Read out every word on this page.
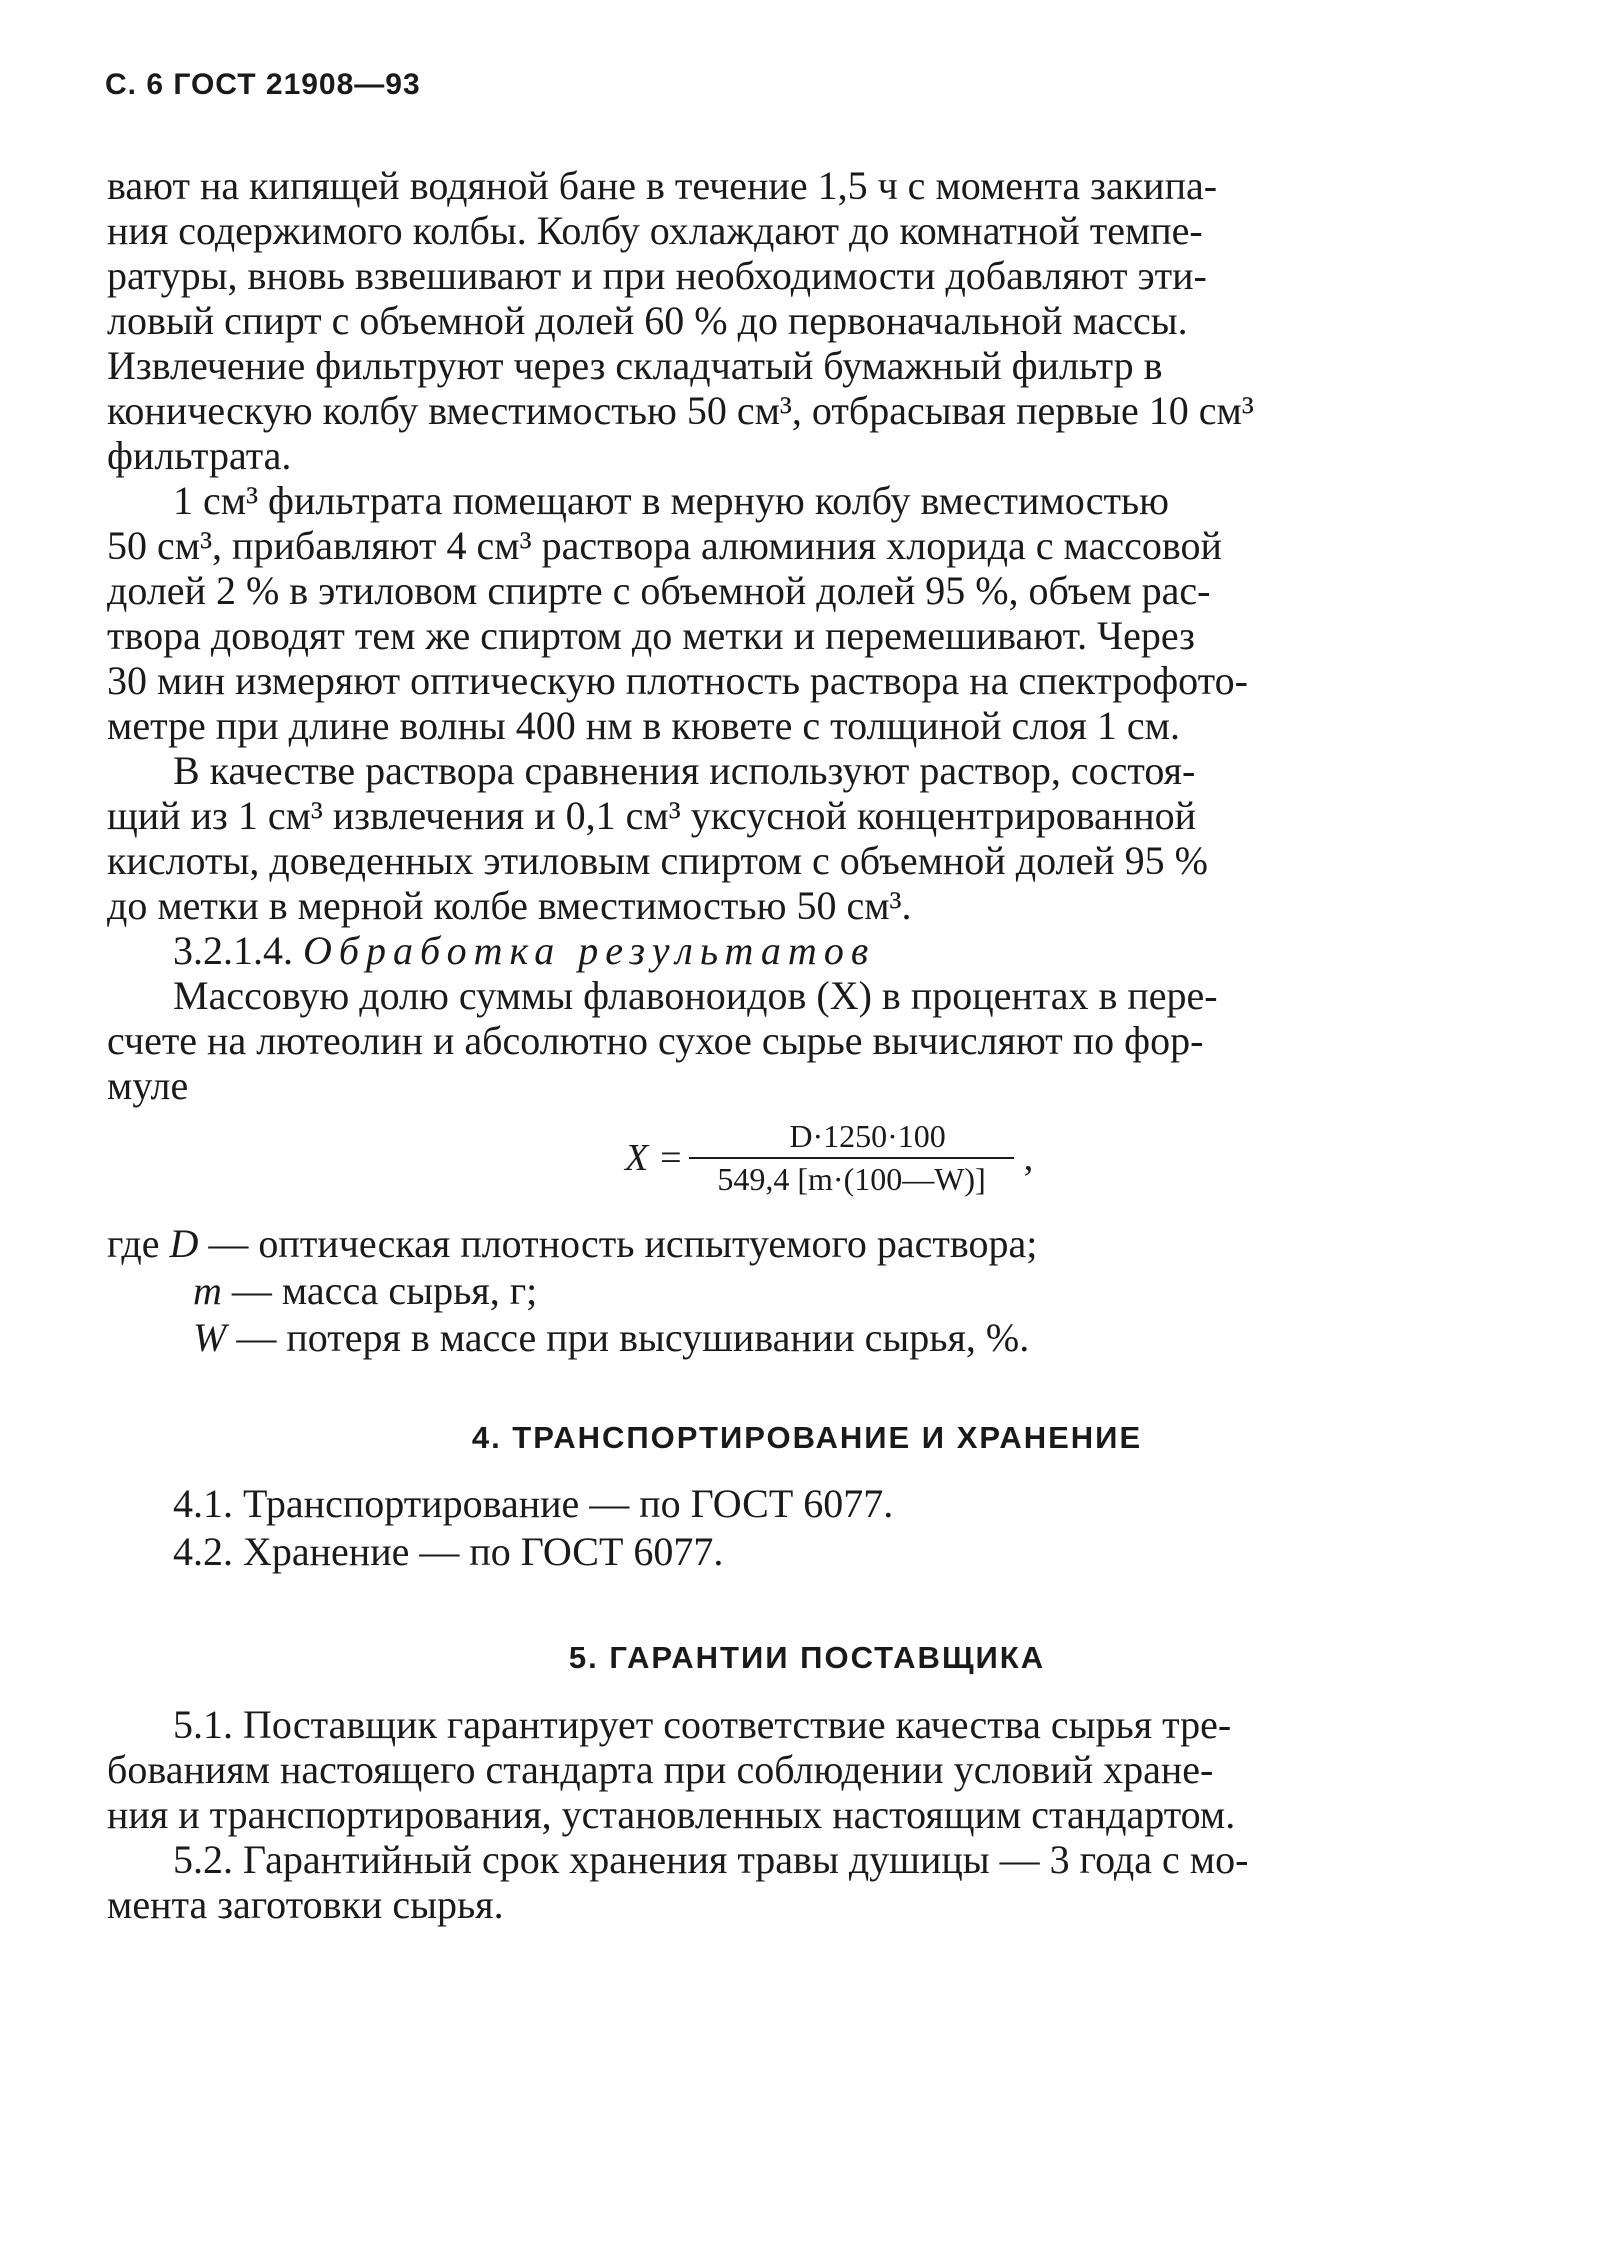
С. 6 ГОСТ 21908—93
вают на кипящей водяной бане в течение 1,5 ч с момента закипа-
ния содержимого колбы. Колбу охлаждают до комнатной темпе-
ратуры, вновь взвешивают и при необходимости добавляют эти-
ловый спирт с объемной долей 60 % до первоначальной массы.
Извлечение фильтруют через складчатый бумажный фильтр в
коническую колбу вместимостью 50 см³, отбрасывая первые 10 см³
фильтрата.
1 см³ фильтрата помещают в мерную колбу вместимостью
50 см³, прибавляют 4 см³ раствора алюминия хлорида с массовой
долей 2 % в этиловом спирте с объемной долей 95 %, объем рас-
твора доводят тем же спиртом до метки и перемешивают. Через
30 мин измеряют оптическую плотность раствора на спектрофото-
метре при длине волны 400 нм в кювете с толщиной слоя 1 см.
В качестве раствора сравнения используют раствор, состоя-
щий из 1 см³ извлечения и 0,1 см³ уксусной концентрированной
кислоты, доведенных этиловым спиртом с объемной долей 95 %
до метки в мерной колбе вместимостью 50 см³.
3.2.1.4. Обработка результатов
Массовую долю суммы флавоноидов (X) в процентах в пере-
счете на лютеолин и абсолютно сухое сырье вычисляют по фор-
муле
$X = \frac{D\cdot 1250\cdot 100}{549,4 [m\cdot(100—W)]}$ ,
где D — оптическая плотность испытуемого раствора;
m — масса сырья, г;
W — потеря в массе при высушивании сырья, %.
4. ТРАНСПОРТИРОВАНИЕ И ХРАНЕНИЕ
4.1. Транспортирование — по ГОСТ 6077.
4.2. Хранение — по ГОСТ 6077.
5. ГАРАНТИИ ПОСТАВЩИКА
5.1. Поставщик гарантирует соответствие качества сырья тре-
бованиям настоящего стандарта при соблюдении условий хране-
ния и транспортирования, установленных настоящим стандартом.
5.2. Гарантийный срок хранения травы душицы — 3 года с мо-
мента заготовки сырья.
